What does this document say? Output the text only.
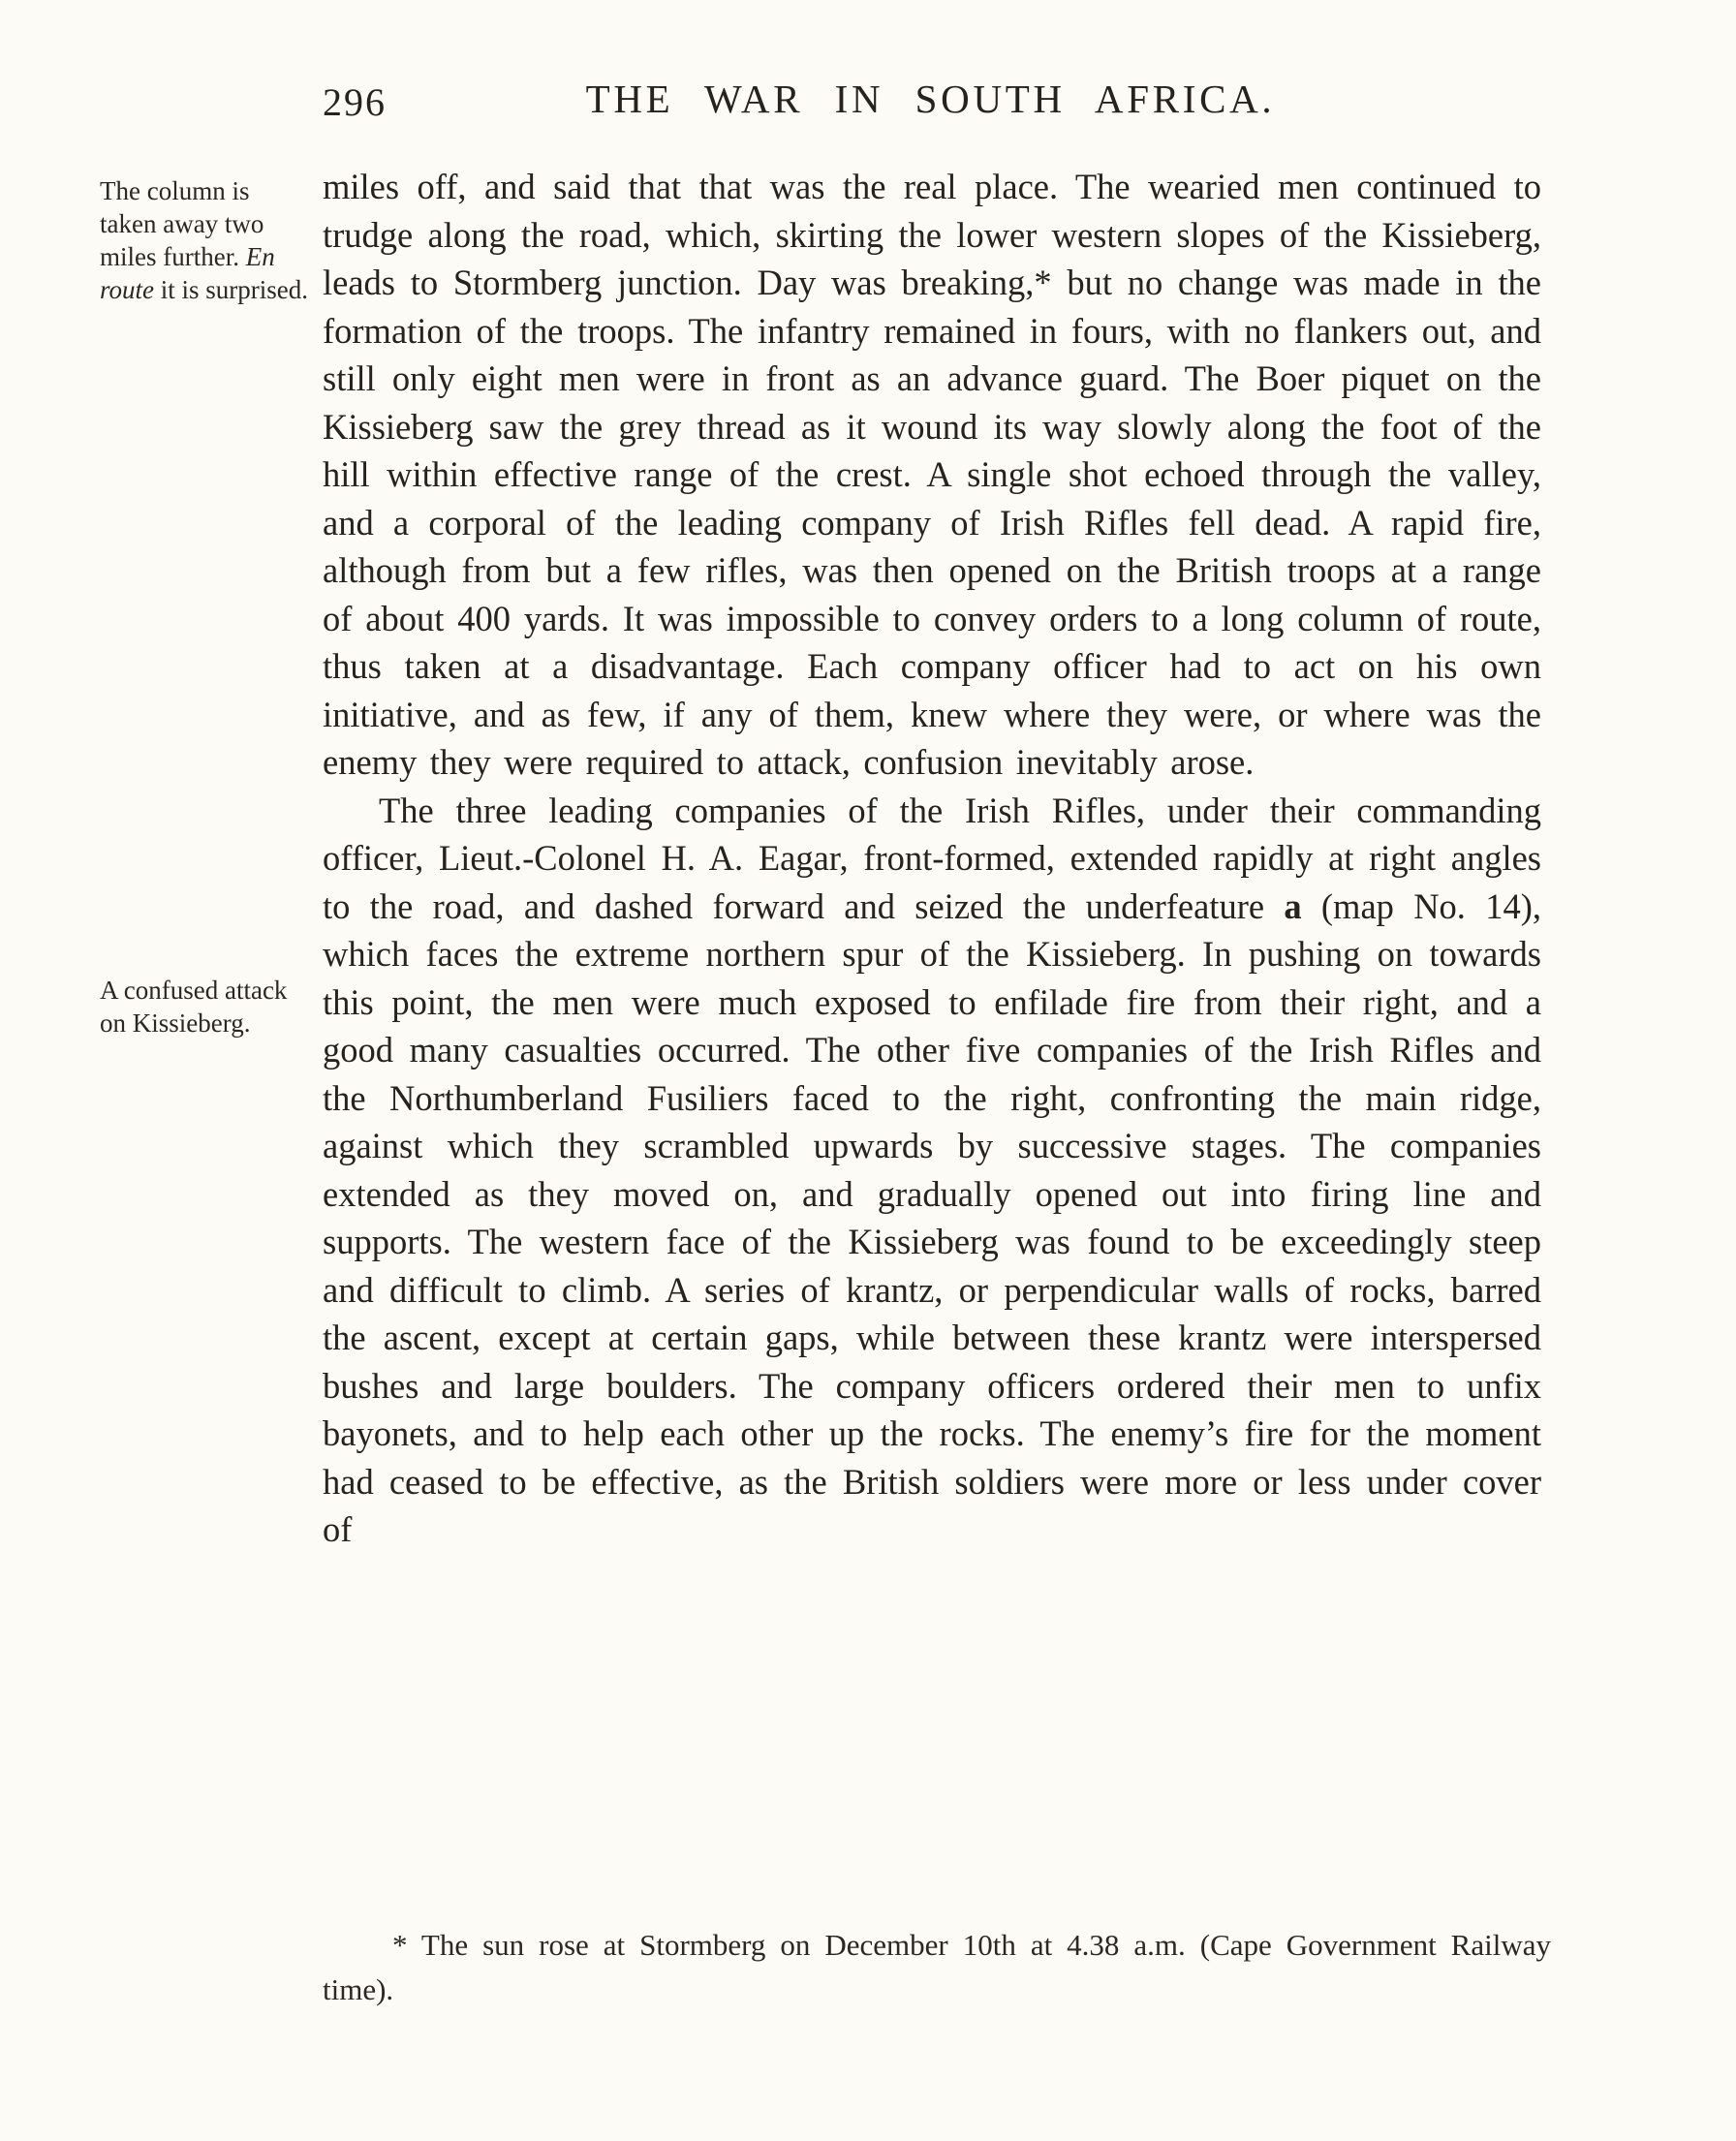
296	THE WAR IN SOUTH AFRICA.
The column is taken away two miles further. En route it is surprised.
A confused attack on Kissieberg.

miles off, and said that that was the real place. The wearied men continued to trudge along the road, which, skirting the lower western slopes of the Kissieberg, leads to Stormberg junction. Day was breaking,* but no change was made in the formation of the troops. The infantry remained in fours, with no flankers out, and still only eight men were in front as an advance guard. The Boer piquet on the Kissieberg saw the grey thread as it wound its way slowly along the foot of the hill within effective range of the crest. A single shot echoed through the valley, and a corporal of the leading company of Irish Rifles fell dead. A rapid fire, although from but a few rifles, was then opened on the British troops at a range of about 400 yards. It was impossible to convey orders to a long column of route, thus taken at a disadvantage. Each company officer had to act on his own initiative, and as few, if any of them, knew where they were, or where was the enemy they were required to attack, confusion inevitably arose.

The three leading companies of the Irish Rifles, under their commanding officer, Lieut.-Colonel H. A. Eagar, front-formed, extended rapidly at right angles to the road, and dashed forward and seized the underfeature a (map No. 14), which faces the extreme northern spur of the Kissieberg. In pushing on towards this point, the men were much exposed to enfilade fire from their right, and a good many casualties occurred. The other five companies of the Irish Rifles and the Northumberland Fusiliers faced to the right, confronting the main ridge, against which they scrambled upwards by successive stages. The companies extended as they moved on, and gradually opened out into firing line and supports. The western face of the Kissieberg was found to be exceedingly steep and difficult to climb. A series of krantz, or perpendicular walls of rocks, barred the ascent, except at certain gaps, while between these krantz were interspersed bushes and large boulders. The company officers ordered their men to unfix bayonets, and to help each other up the rocks. The enemy’s fire for the moment had ceased to be effective, as the British soldiers were more or less under cover of

* The sun rose at Stormberg on December 10th at 4.38 a.m. (Cape Government Railway time).
